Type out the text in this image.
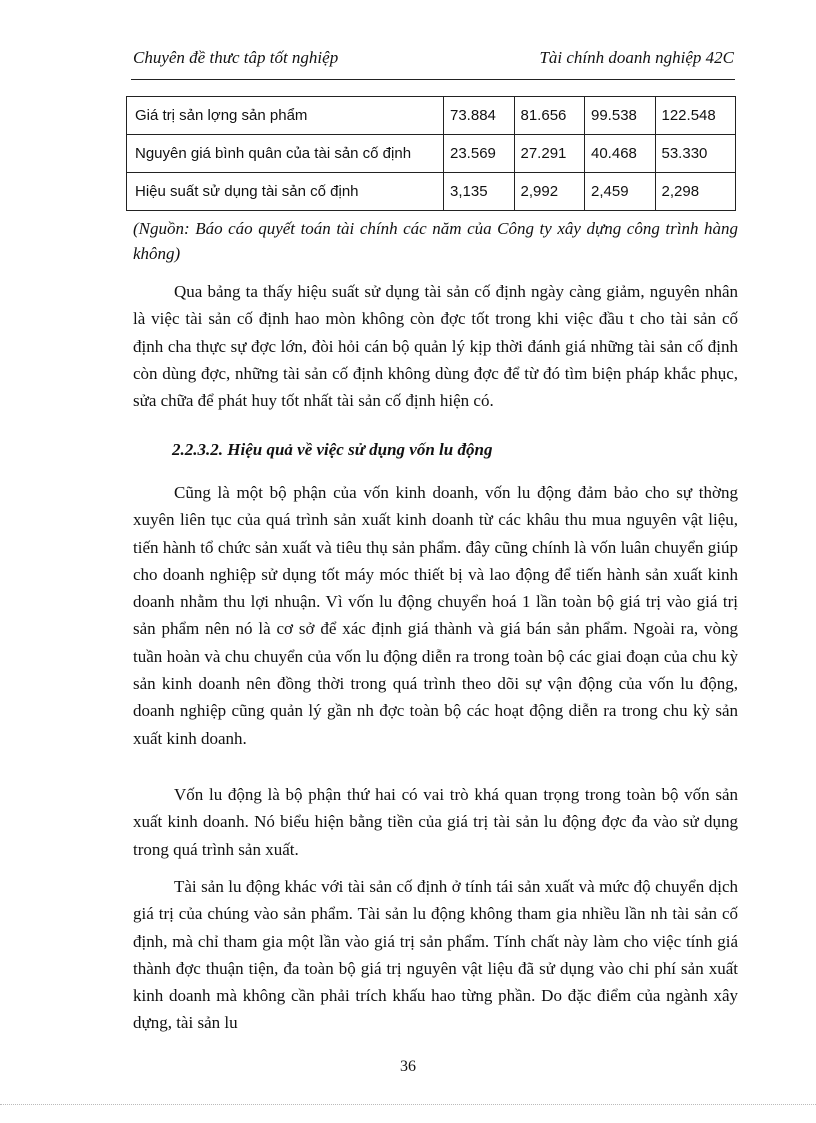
Chuyên đề thưc tâp tốt nghiệp	Tài chính doanh nghiệp 42C
Giá trị sản lợng sản phẩm	73.884	81.656	99.538	122.548
Nguyên giá bình quân của tài sản cố định	23.569	27.291	40.468	53.330
Hiệu suất sử dụng tài sản cố định	3,135	2,992	2,459	2,298
(Nguồn: Báo cáo quyết toán tài chính các năm của Công ty xây dựng công trình hàng không)
Qua bảng ta thấy hiệu suất sử dụng tài sản cố định ngày càng giảm, nguyên nhân là việc tài sản cố định hao mòn không còn đợc tốt trong khi việc đầu t cho tài sản cố định cha thực sự đợc lớn, đòi hỏi cán bộ quản lý kịp thời đánh giá những tài sản cố định còn dùng đợc, những tài sản cố định không dùng đợc để từ đó tìm biện pháp khắc phục, sửa chữa để phát huy tốt nhất tài sản cố định hiện có.
2.2.3.2. Hiệu quả về việc sử dụng vốn lu động
Cũng là một bộ phận của vốn kinh doanh, vốn lu động đảm bảo cho sự thờng xuyên liên tục của quá trình sản xuất kinh doanh từ các khâu thu mua nguyên vật liệu, tiến hành tổ chức sản xuất và tiêu thụ sản phẩm. đây cũng chính là vốn luân chuyển giúp cho doanh nghiệp sử dụng tốt máy móc thiết bị và lao động để tiến hành sản xuất kinh doanh nhằm thu lợi nhuận. Vì vốn lu động chuyển hoá 1 lần toàn bộ giá trị vào giá trị sản phẩm nên nó là cơ sở để xác định giá thành và giá bán sản phẩm. Ngoài ra, vòng tuần hoàn và chu chuyển của vốn lu động diễn ra trong toàn bộ các giai đoạn của chu kỳ sản kinh doanh nên đồng thời trong quá trình theo dõi sự vận động của vốn lu động, doanh nghiệp cũng quản lý gần nh đợc toàn bộ các hoạt động diễn ra trong chu kỳ sản xuất kinh doanh.
Vốn lu động là bộ phận thứ hai có vai trò khá quan trọng trong toàn bộ vốn sản xuất kinh doanh. Nó biểu hiện bằng tiền của giá trị tài sản lu động đợc đa vào sử dụng trong quá trình sản xuất.
Tài sản lu động khác với tài sản cố định ở tính tái sản xuất và mức độ chuyển dịch giá trị của chúng vào sản phẩm. Tài sản lu động không tham gia nhiều lần nh tài sản cố định, mà chỉ tham gia một lần vào giá trị sản phẩm. Tính chất này làm cho việc tính giá thành đợc thuận tiện, đa toàn bộ giá trị nguyên vật liệu đã sử dụng vào chi phí sản xuất kinh doanh mà không cần phải trích khấu hao từng phần. Do đặc điểm của ngành xây dựng, tài sản lu
36
